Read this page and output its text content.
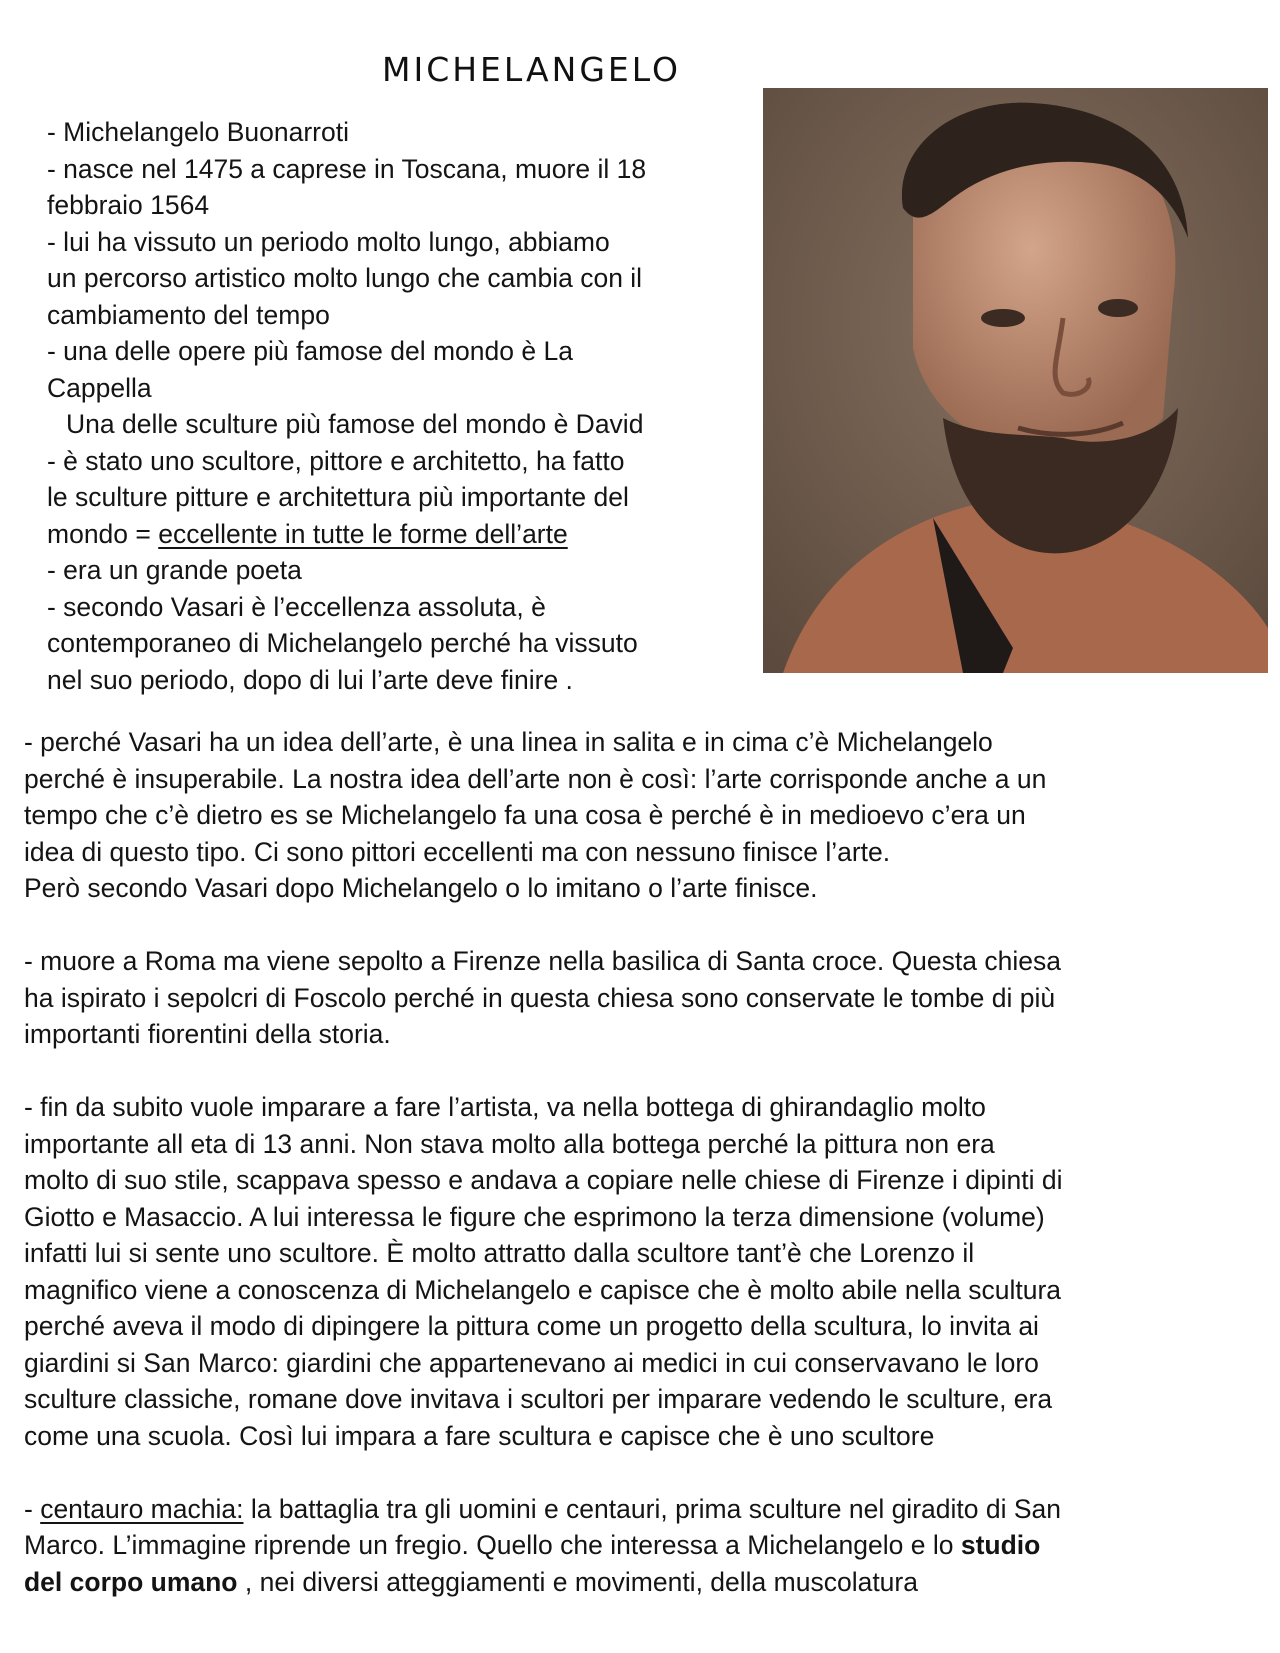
MICHELANGELO
- Michelangelo Buonarroti
- nasce nel 1475 a caprese in Toscana, muore il 18
febbraio 1564
- lui ha vissuto un periodo molto lungo, abbiamo
un percorso artistico molto lungo che cambia con il
cambiamento del tempo
- una delle opere più famose del mondo è La
Cappella
Una delle sculture più famose del mondo è David
- è stato uno scultore, pittore e architetto, ha fatto
le sculture pitture e architettura più importante del
mondo = eccellente in tutte le forme dell’arte
- era un grande poeta
- secondo Vasari è l’eccellenza assoluta, è
contemporaneo di Michelangelo perché ha vissuto
nel suo periodo, dopo di lui l’arte deve finire .

- perché Vasari ha un idea dell’arte, è una linea in salita e in cima c’è Michelangelo
perché è insuperabile. La nostra idea dell’arte non è così: l’arte corrisponde anche a un
tempo che c’è dietro es se Michelangelo fa una cosa è perché è in medioevo c’era un
idea di questo tipo. Ci sono pittori eccellenti ma con nessuno finisce l’arte.
Però secondo Vasari dopo Michelangelo o lo imitano o l’arte finisce.

- muore a Roma ma viene sepolto a Firenze nella basilica di Santa croce. Questa chiesa
ha ispirato i sepolcri di Foscolo perché in questa chiesa sono conservate le tombe di più
importanti fiorentini della storia.

- fin da subito vuole imparare a fare l’artista, va nella bottega di ghirandaglio molto
importante all eta di 13 anni. Non stava molto alla bottega perché la pittura non era
molto di suo stile, scappava spesso e andava a copiare nelle chiese di Firenze i dipinti di
Giotto e Masaccio. A lui interessa le figure che esprimono la terza dimensione (volume)
infatti lui si sente uno scultore. È molto attratto dalla scultore tant’è che Lorenzo il
magnifico viene a conoscenza di Michelangelo e capisce che è molto abile nella scultura
perché aveva il modo di dipingere la pittura come un progetto della scultura, lo invita ai
giardini si San Marco: giardini che appartenevano ai medici in cui conservavano le loro
sculture classiche, romane dove invitava i scultori per imparare vedendo le sculture, era
come una scuola. Così lui impara a fare scultura e capisce che è uno scultore

- centauro machia: la battaglia tra gli uomini e centauri, prima sculture nel giradito di San
Marco. L’immagine riprende un fregio. Quello che interessa a Michelangelo e lo studio
del corpo umano , nei diversi atteggiamenti e movimenti, della muscolatura
